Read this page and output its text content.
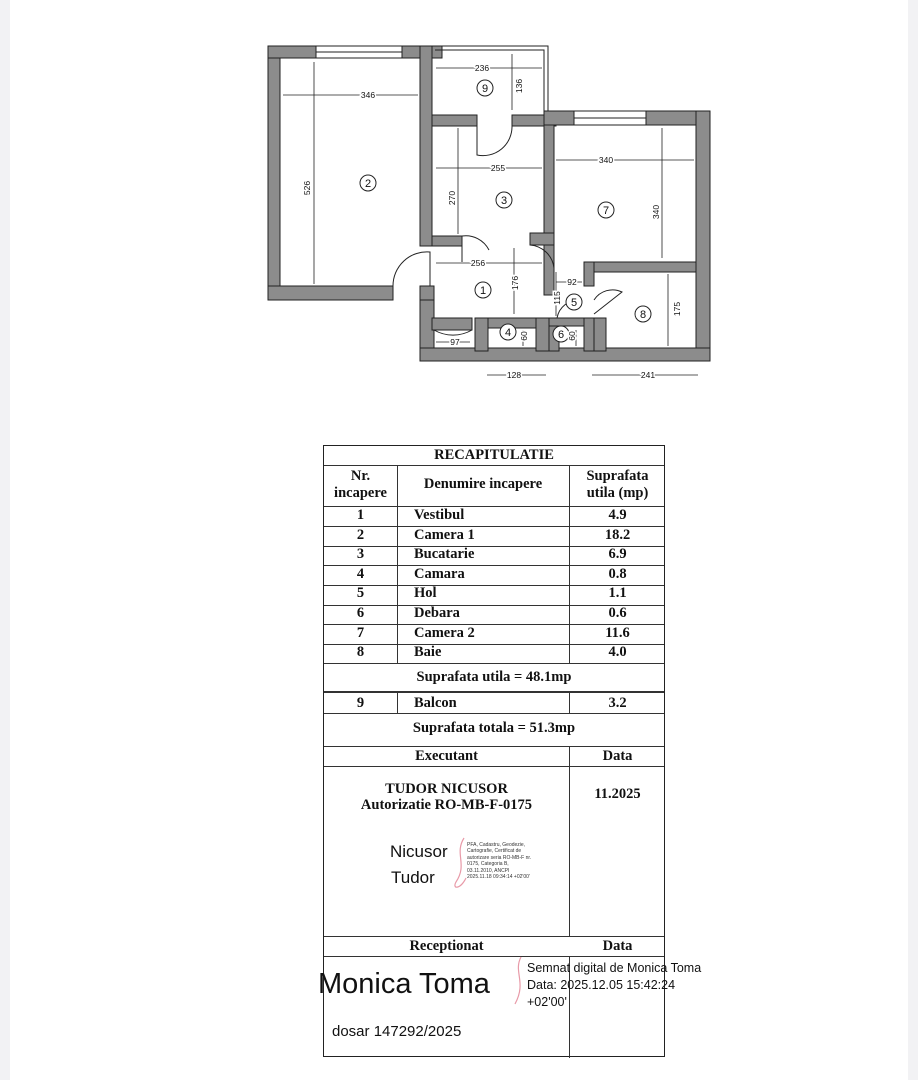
1
2
3
4
5
6
7
8
9
346
526
236
136
255
270
340
340
256
176	92
115
175
60	60
97
128	241
RECAPITULATIE
Nr.
incapere
Denumire incapere	Suprafata
utila (mp)
1	Vestibul	4.9
2	Camera 1	18.2
3	Bucatarie	6.9
4	Camara	0.8
5	Hol	1.1
6	Debara	0.6
7	Camera 2	11.6
8	Baie	4.0
Suprafata utila = 48.1mp
9	Balcon	3.2
Suprafata totala = 51.3mp
Executant	Data
TUDOR NICUSOR
Autorizatie RO-MB-F-0175
11.2025
Nicusor
Tudor
PFA, Cadastru, Geodezie,
Cartografie, Certificat de
autorizare seria RO-MB-F nr.
0175, Categoria B,
03.11.2010, ANCPI
2025.11.18 09:34:14 +02'00'
Receptionat	Data
Monica Toma	Semnat digital de Monica Toma
Data: 2025.12.05 15:42:24
+02'00'
dosar 147292/2025
